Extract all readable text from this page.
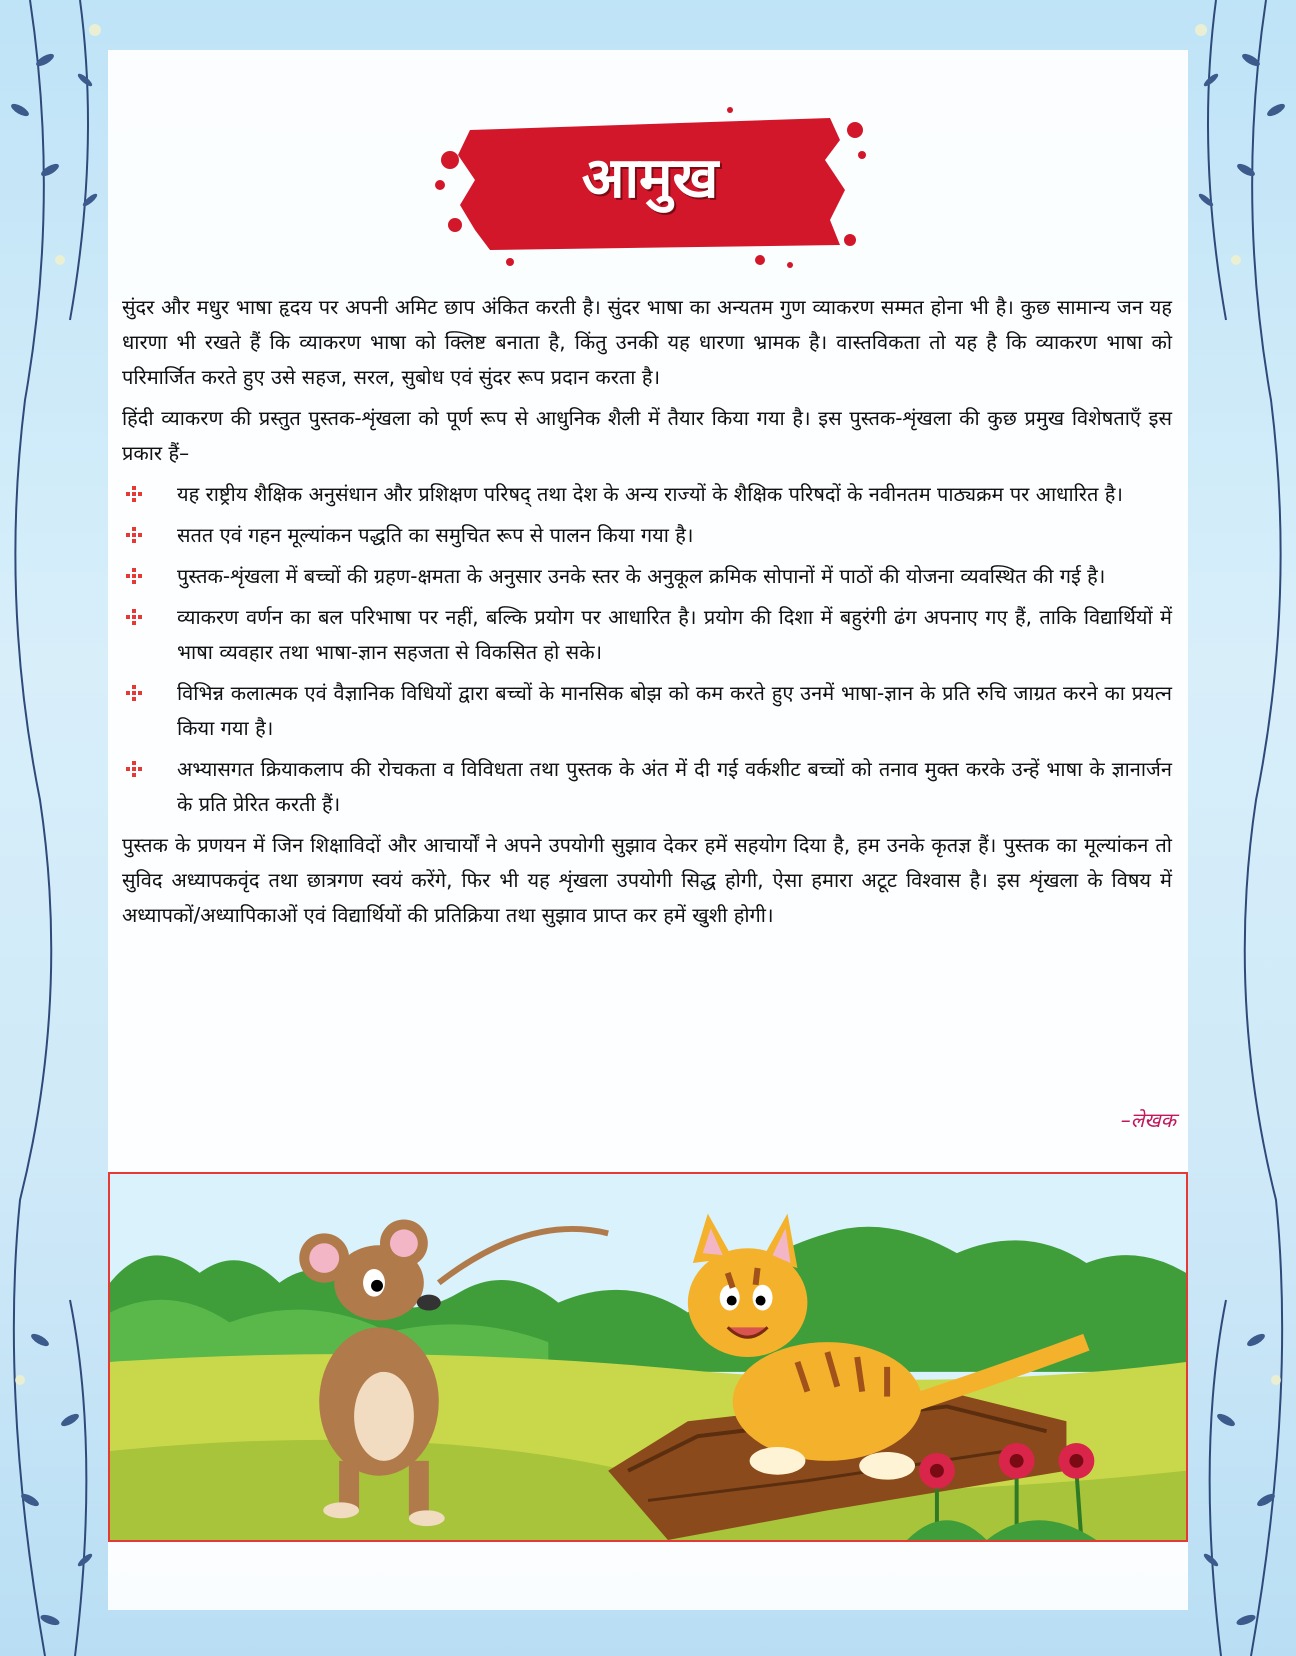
आमुख

सुंदर और मधुर भाषा हृदय पर अपनी अमिट छाप अंकित करती है। सुंदर भाषा का अन्यतम गुण व्याकरण सम्मत होना भी है। कुछ सामान्य जन यह धारणा भी रखते हैं कि व्याकरण भाषा को क्लिष्ट बनाता है, किंतु उनकी यह धारणा भ्रामक है। वास्तविकता तो यह है कि व्याकरण भाषा को परिमार्जित करते हुए उसे सहज, सरल, सुबोध एवं सुंदर रूप प्रदान करता है।

हिंदी व्याकरण की प्रस्तुत पुस्तक-शृंखला को पूर्ण रूप से आधुनिक शैली में तैयार किया गया है। इस पुस्तक-शृंखला की कुछ प्रमुख विशेषताएँ इस प्रकार हैं–

यह राष्ट्रीय शैक्षिक अनुसंधान और प्रशिक्षण परिषद् तथा देश के अन्य राज्यों के शैक्षिक परिषदों के नवीनतम पाठ्यक्रम पर आधारित है।
सतत एवं गहन मूल्यांकन पद्धति का समुचित रूप से पालन किया गया है।
पुस्तक-शृंखला में बच्चों की ग्रहण-क्षमता के अनुसार उनके स्तर के अनुकूल क्रमिक सोपानों में पाठों की योजना व्यवस्थित की गई है।
व्याकरण वर्णन का बल परिभाषा पर नहीं, बल्कि प्रयोग पर आधारित है। प्रयोग की दिशा में बहुरंगी ढंग अपनाए गए हैं, ताकि विद्यार्थियों में भाषा व्यवहार तथा भाषा-ज्ञान सहजता से विकसित हो सके।
विभिन्न कलात्मक एवं वैज्ञानिक विधियों द्वारा बच्चों के मानसिक बोझ को कम करते हुए उनमें भाषा-ज्ञान के प्रति रुचि जाग्रत करने का प्रयत्न किया गया है।
अभ्यासगत क्रियाकलाप की रोचकता व विविधता तथा पुस्तक के अंत में दी गई वर्कशीट बच्चों को तनाव मुक्त करके उन्हें भाषा के ज्ञानार्जन के प्रति प्रेरित करती हैं।

पुस्तक के प्रणयन में जिन शिक्षाविदों और आचार्यों ने अपने उपयोगी सुझाव देकर हमें सहयोग दिया है, हम उनके कृतज्ञ हैं। पुस्तक का मूल्यांकन तो सुविद अध्यापकवृंद तथा छात्रगण स्वयं करेंगे, फिर भी यह शृंखला उपयोगी सिद्ध होगी, ऐसा हमारा अटूट विश्वास है। इस शृंखला के विषय में अध्यापकों/अध्यापिकाओं एवं विद्यार्थियों की प्रतिक्रिया तथा सुझाव प्राप्त कर हमें खुशी होगी।

–लेखक
